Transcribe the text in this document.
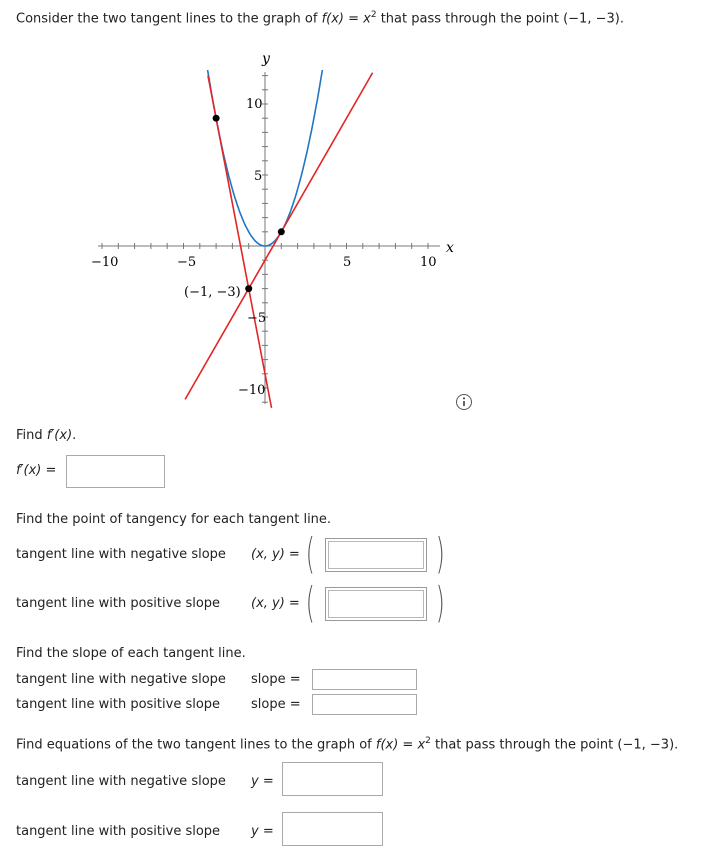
Consider the two tangent lines to the graph of $f(x) = x^2$ that pass through the point (−1, −3).
y
x
−10	−5	5	10
10
5
−5
−10
(−1, −3)
Find f′(x).
f′(x) =
Find the point of tangency for each tangent line.
tangent line with negative slope (x, y) = (	)
tangent line with positive slope (x, y) = (	)
Find the slope of each tangent line.
tangent line with negative slope slope =
tangent line with positive slope slope =
Find equations of the two tangent lines to the graph of $f(x) = x^2$ that pass through the point (−1, −3).
tangent line with negative slope y =
tangent line with positive slope y =
